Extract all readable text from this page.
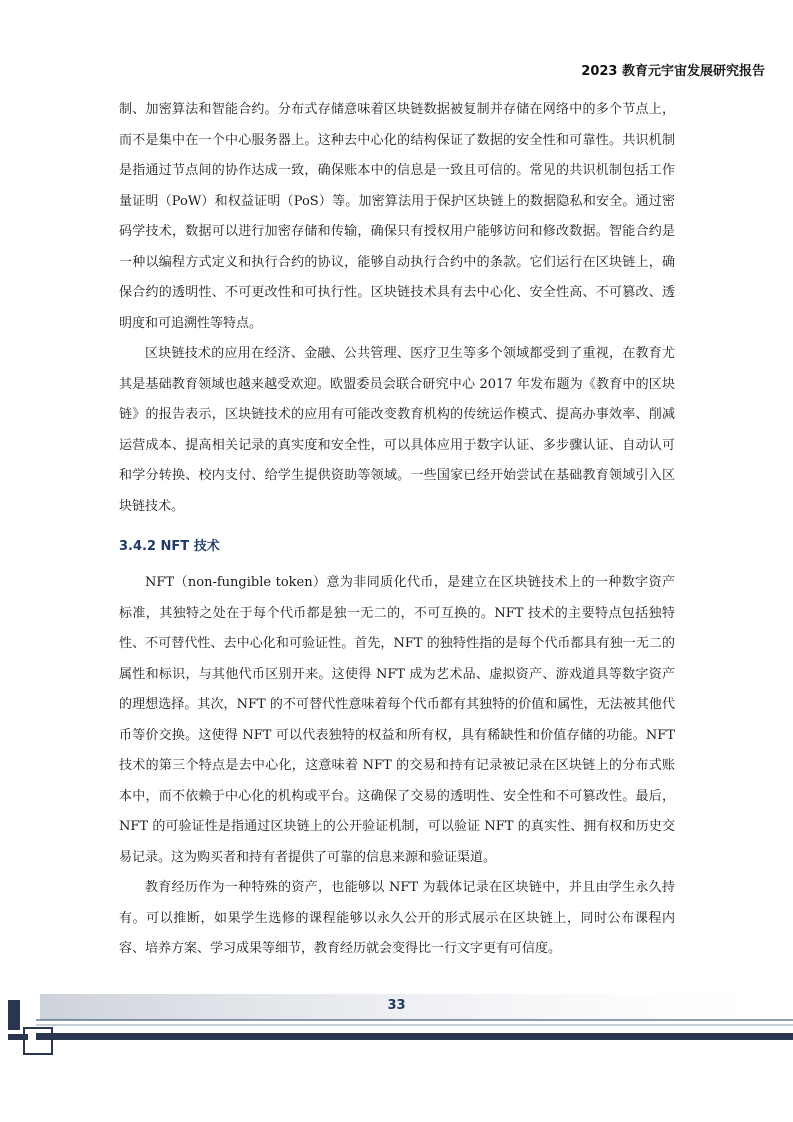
2023 教育元宇宙发展研究报告

制、加密算法和智能合约。分布式存储意味着区块链数据被复制并存储在网络中的多个节点上，而不是集中在一个中心服务器上。这种去中心化的结构保证了数据的安全性和可靠性。共识机制是指通过节点间的协作达成一致，确保账本中的信息是一致且可信的。常见的共识机制包括工作量证明（PoW）和权益证明（PoS）等。加密算法用于保护区块链上的数据隐私和安全。通过密码学技术，数据可以进行加密存储和传输，确保只有授权用户能够访问和修改数据。智能合约是一种以编程方式定义和执行合约的协议，能够自动执行合约中的条款。它们运行在区块链上，确保合约的透明性、不可更改性和可执行性。区块链技术具有去中心化、安全性高、不可篡改、透明度和可追溯性等特点。

区块链技术的应用在经济、金融、公共管理、医疗卫生等多个领域都受到了重视，在教育尤其是基础教育领域也越来越受欢迎。欧盟委员会联合研究中心 2017 年发布题为《教育中的区块链》的报告表示，区块链技术的应用有可能改变教育机构的传统运作模式、提高办事效率、削减运营成本、提高相关记录的真实度和安全性，可以具体应用于数字认证、多步骤认证、自动认可和学分转换、校内支付、给学生提供资助等领域。一些国家已经开始尝试在基础教育领域引入区块链技术。

3.4.2 NFT 技术

NFT（non-fungible token）意为非同质化代币，是建立在区块链技术上的一种数字资产标准，其独特之处在于每个代币都是独一无二的，不可互换的。NFT 技术的主要特点包括独特性、不可替代性、去中心化和可验证性。首先，NFT 的独特性指的是每个代币都具有独一无二的属性和标识，与其他代币区别开来。这使得 NFT 成为艺术品、虚拟资产、游戏道具等数字资产的理想选择。其次，NFT 的不可替代性意味着每个代币都有其独特的价值和属性，无法被其他代币等价交换。这使得 NFT 可以代表独特的权益和所有权，具有稀缺性和价值存储的功能。NFT 技术的第三个特点是去中心化，这意味着 NFT 的交易和持有记录被记录在区块链上的分布式账本中，而不依赖于中心化的机构或平台。这确保了交易的透明性、安全性和不可篡改性。最后，NFT 的可验证性是指通过区块链上的公开验证机制，可以验证 NFT 的真实性、拥有权和历史交易记录。这为购买者和持有者提供了可靠的信息来源和验证渠道。

教育经历作为一种特殊的资产，也能够以 NFT 为载体记录在区块链中，并且由学生永久持有。可以推断，如果学生选修的课程能够以永久公开的形式展示在区块链上，同时公布课程内容、培养方案、学习成果等细节，教育经历就会变得比一行文字更有可信度。

33
